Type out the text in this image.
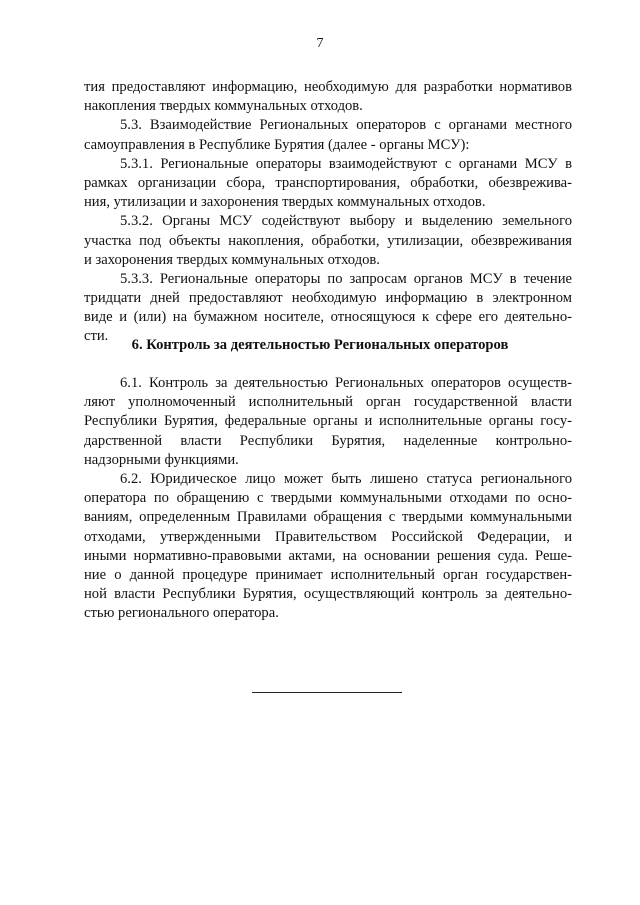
7
тия предоставляют информацию, необходимую для разработки нормативов
накопления твердых коммунальных отходов.
5.3. Взаимодействие Региональных операторов с органами местного
самоуправления в Республике Бурятия (далее - органы МСУ):
5.3.1. Региональные операторы взаимодействуют с органами МСУ в
рамках организации сбора, транспортирования, обработки, обезврежива-
ния, утилизации и захоронения твердых коммунальных отходов.
5.3.2. Органы МСУ содействуют выбору и выделению земельного
участка под объекты накопления, обработки, утилизации, обезвреживания
и захоронения твердых коммунальных отходов.
5.3.3. Региональные операторы по запросам органов МСУ в течение
тридцати дней предоставляют необходимую информацию в электронном
виде и (или) на бумажном носителе, относящуюся к сфере его деятельно-
сти.
6. Контроль за деятельностью Региональных операторов
6.1. Контроль за деятельностью Региональных операторов осуществ-
ляют уполномоченный исполнительный орган государственной власти
Республики Бурятия, федеральные органы и исполнительные органы госу-
дарственной власти Республики Бурятия, наделенные контрольно-
надзорными функциями.
6.2. Юридическое лицо может быть лишено статуса регионального
оператора по обращению с твердыми коммунальными отходами по осно-
ваниям, определенным Правилами обращения с твердыми коммунальными
отходами, утвержденными Правительством Российской Федерации, и
иными нормативно-правовыми актами, на основании решения суда. Реше-
ние о данной процедуре принимает исполнительный орган государствен-
ной власти Республики Бурятия, осуществляющий контроль за деятельно-
стью регионального оператора.
